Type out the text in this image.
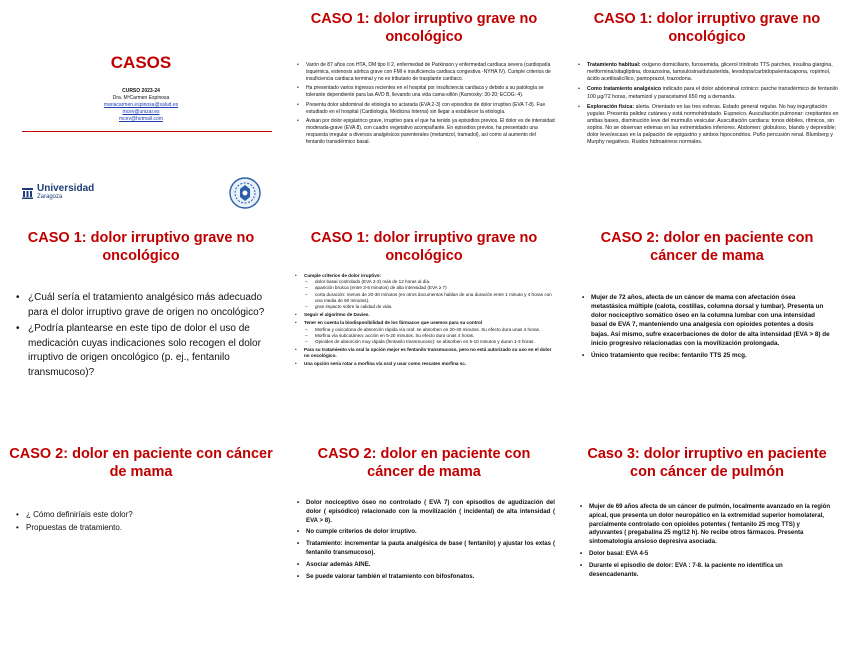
CASOS
CURSO 2023-24
Dra. MªCarmen Espinosa
mariacarmen.espinosa@salud.es
mcev@unizar.es
mcev@hotmail.com
Universidad
Zaragoza
CASO 1: dolor irruptivo grave no oncológico
• Varón de 87 años con HTA, DM tipo II 2, enfermedad de Parkinson y enfermedad cardiaca severa (cardiopatía isquémica, estenosis aórtica grave con FMI e insuficiencia cardiaca congestiva -NYHA IV). Cumple criterios de insuficiencia cardiaca terminal y no es tributario de trasplante cardiaco.
• Ha presentado varios ingresos recientes en el hospital por insuficiencia cardiaca y debido a su patología se tolerante dependiente para las AVD B, llevando una vida cama-sillón (Karnosky: 30-20; ECOG: 4).
• Presenta dolor abdominal de etiología no aclarada (EVA 2-3) con episodios de dolor irruptivo (EVA 7-8). Fue estudiado en el hospital (Cardiología, Medicina Interna) sin llegar a establecer la etiología.
• Avisan por dolor epigástrico grave, irruptivo para el que ha tenido ya episodios previos. El dolor es de intensidad moderada-grave (EVA 8), con cuadro vegetativo acompañante. En episodios previos, ha presentado una respuesta irregular a diversos analgésicos parenterales (metamizol, tramadol), así como al aumento del fentanilo transdérmico basal.
CASO 1: dolor irruptivo grave no oncológico
• Tratamiento habitual: oxígeno domiciliario, furosemida, glicerol trinitrato TTS parches, insulina glargina, metformina/sitagliptina, doxazosina, tamsulosina/dutasterida, levodopa/carbidopa/entacapona, ropirinol, ácido acetilsalicílico, pantoprazol, trazodona.
• Como tratamiento analgésico indicado para el dolor abdominal crónico: parche transdérmico de fentanilo 100 μg/72 horas, metamizol y paracetamol 650 mg a demanda.
• Exploración física: alerta. Orientado en las tres esferas. Estado general regular. No hay ingurgitación yugular. Presenta palidez cutánea y está normohidratado. Eupneico. Auscultación pulmonar: crepitantes en ambas bases, disminución leve del murmullo vesicular. Auscultación cardiaca: tonos débiles, rítmicos, sin soplos. No se observan edemas en las extremidades inferiores. Abdomen: globuloso, blando y depresible; dolor leve/escaso en la palpación de epigastrio y ambos hipocondrios. Puño percusión renal. Blumberg y Murphy negativos. Ruidos hidroaéreos normales.
CASO 1: dolor irruptivo grave no oncológico
• ¿Cuál sería el tratamiento analgésico más adecuado para el dolor irruptivo grave de origen no oncológico?
• ¿Podría plantearse en este tipo de dolor el uso de medicación cuyas indicaciones solo recogen el dolor irruptivo de origen oncológico (p. ej., fentanilo transmucoso)?
CASO 1: dolor irruptivo grave no oncológico
• Cumple criterios de dolor irruptivo:
– dolor basal controlado (EVA 2-3) más de 12 horas al día.
– aparición brusca (entre 3-5 minutos) de alta intensidad (EVA ≥ 7)
– corta duración: menos de 20-30 minutos (en otros documentos hablan de una duración entre 1 minuto y 4 horas con una media de 60 minutos).
– gran impacto sobre la calidad de vida.
• Seguir el algoritmo de Davies.
• Tener en cuenta la biodisponibilidad de los fármacos que usemos para su control
– Morfina y oxicodona de absorción rápida vía oral: se absorben en 20-40 minutos. Su efecto dura unas 4 horas.
– Morfina vía subcutánea: acción en 5-20 minutos. Su efecto dura unas 4 horas.
– Opioides de absorción muy rápida (fentanilo transmucoso): se absorben en 5-10 minutos y duran 1-3 horas.
• Para su tratamiento vía oral la opción mejor es fentanilo transmucoso, pero no está autorizado su uso en el dolor no oncológico.
• Una opción sería rotar a morfina vía oral y usar como rescates morfina sc.
CASO 2: dolor en paciente con cáncer de mama
• Mujer de 72 años, afecta de un cáncer de mama con afectación ósea metastásica múltiple (calota, costillas, columna dorsal y lumbar). Presenta un dolor nociceptivo somático óseo en la columna lumbar con una intensidad basal de EVA 7, manteniendo una analgesia con opioides potentes a dosis bajas. Así mismo, sufre exacerbaciones de dolor de alta intensidad (EVA > 8) de inicio progresivo relacionadas con la movilización prolongada.
• Único tratamiento que recibe: fentanilo TTS 25 mcg.
CASO 2: dolor en paciente con cáncer de mama
• ¿ Cómo definiríais este dolor?
• Propuestas de tratamiento.
CASO 2: dolor en paciente con cáncer de mama
• Dolor nociceptivo óseo no controlado ( EVA 7) con episodios de agudización del dolor ( episódico) relacionado con la movilización ( incidental) de alta intensidad ( EVA > 8).
• No cumple criterios de dolor irruptivo.
• Tratamiento: incrementar la pauta analgésica de base ( fentanilo) y ajustar los extas ( fentanilo transmucoso).
• Asociar además AINE.
• Se puede valorar también el tratamiento con bifosfonatos.
Caso 3: dolor irruptivo en paciente con cáncer de pulmón
• Mujer de 69 años afecta de un cáncer de pulmón, localmente avanzado en la región apical, que presenta un dolor neuropático en la extremidad superior homolateral, parcialmente controlado con opioides potentes ( fentanilo 25 mcg TTS) y adyuvantes ( pregabalina 25 mg/12 h). No recibe otros fármacos. Presenta sintomatología ansioso depresiva asociada.
• Dolor basal: EVA 4-5
• Durante el episodio de dolor: EVA : 7-8. la paciente no identifica un desencadenante.
